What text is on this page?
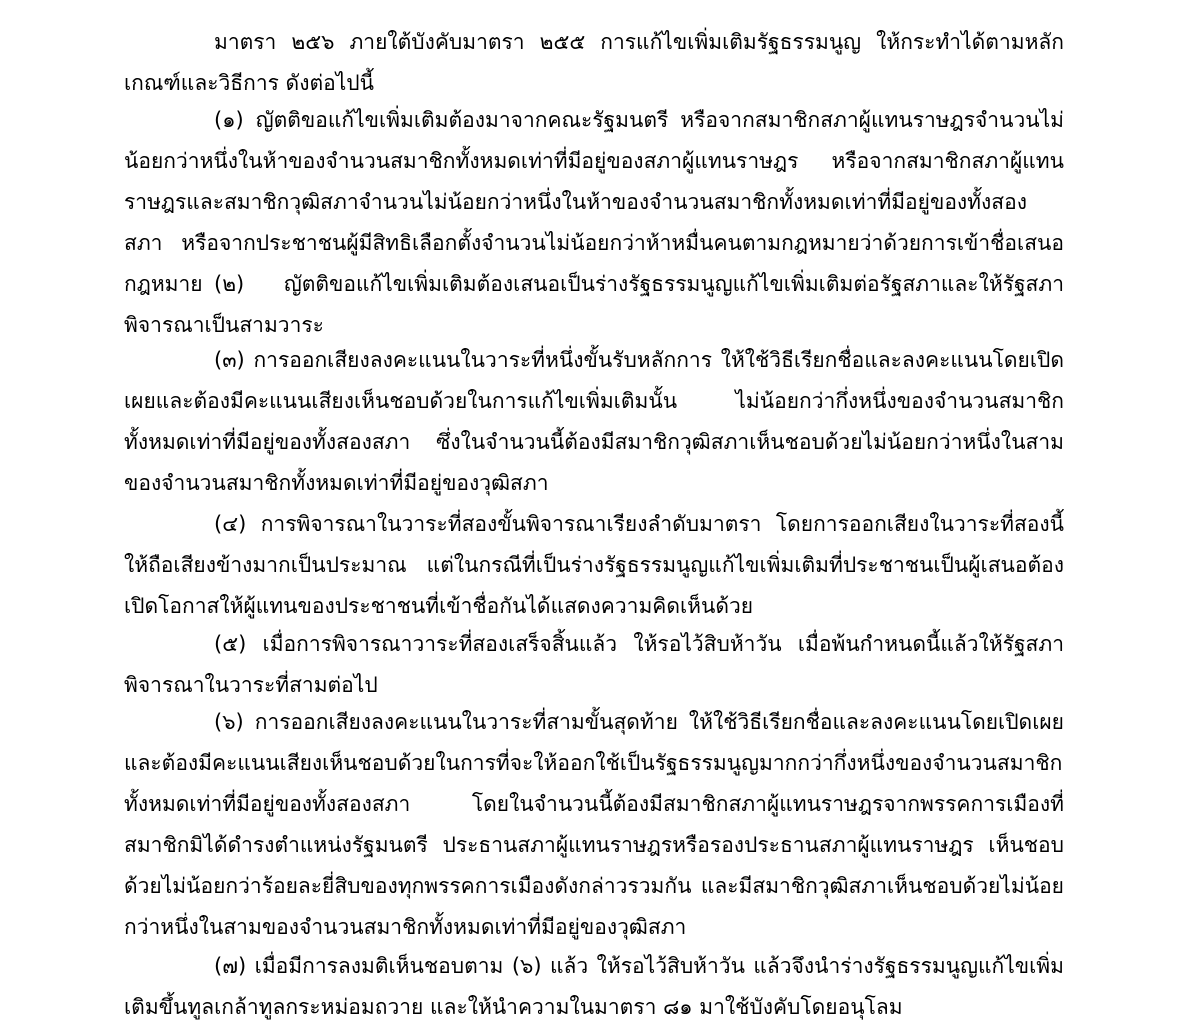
มาตรา ๒๕๖ ภายใต้บังคับมาตรา ๒๕๕ การแก้ไขเพิ่มเติมรัฐธรรมนูญ ให้กระทำได้ตามหลักเกณฑ์และวิธีการ ดังต่อไปนี้

(๑) ญัตติขอแก้ไขเพิ่มเติมต้องมาจากคณะรัฐมนตรี หรือจากสมาชิกสภาผู้แทนราษฎรจำนวนไม่น้อยกว่าหนึ่งในห้าของจำนวนสมาชิกทั้งหมดเท่าที่มีอยู่ของสภาผู้แทนราษฎร หรือจากสมาชิกสภาผู้แทนราษฎรและสมาชิกวุฒิสภาจำนวนไม่น้อยกว่าหนึ่งในห้าของจำนวนสมาชิกทั้งหมดเท่าที่มีอยู่ของทั้งสองสภา หรือจากประชาชนผู้มีสิทธิเลือกตั้งจำนวนไม่น้อยกว่าห้าหมื่นคนตามกฎหมายว่าด้วยการเข้าชื่อเสนอกฎหมาย (๒) ญัตติขอแก้ไขเพิ่มเติมต้องเสนอเป็นร่างรัฐธรรมนูญแก้ไขเพิ่มเติมต่อรัฐสภาและให้รัฐสภาพิจารณาเป็นสามวาระ

(๓) การออกเสียงลงคะแนนในวาระที่หนึ่งขั้นรับหลักการ ให้ใช้วิธีเรียกชื่อและลงคะแนนโดยเปิดเผยและต้องมีคะแนนเสียงเห็นชอบด้วยในการแก้ไขเพิ่มเติมนั้น ไม่น้อยกว่ากึ่งหนึ่งของจำนวนสมาชิกทั้งหมดเท่าที่มีอยู่ของทั้งสองสภา ซึ่งในจำนวนนี้ต้องมีสมาชิกวุฒิสภาเห็นชอบด้วยไม่น้อยกว่าหนึ่งในสามของจำนวนสมาชิกทั้งหมดเท่าที่มีอยู่ของวุฒิสภา

(๔) การพิจารณาในวาระที่สองขั้นพิจารณาเรียงลำดับมาตรา โดยการออกเสียงในวาระที่สองนี้ให้ถือเสียงข้างมากเป็นประมาณ แต่ในกรณีที่เป็นร่างรัฐธรรมนูญแก้ไขเพิ่มเติมที่ประชาชนเป็นผู้เสนอต้องเปิดโอกาสให้ผู้แทนของประชาชนที่เข้าชื่อกันได้แสดงความคิดเห็นด้วย

(๕) เมื่อการพิจารณาวาระที่สองเสร็จสิ้นแล้ว ให้รอไว้สิบห้าวัน เมื่อพ้นกำหนดนี้แล้วให้รัฐสภาพิจารณาในวาระที่สามต่อไป

(๖) การออกเสียงลงคะแนนในวาระที่สามขั้นสุดท้าย ให้ใช้วิธีเรียกชื่อและลงคะแนนโดยเปิดเผยและต้องมีคะแนนเสียงเห็นชอบด้วยในการที่จะให้ออกใช้เป็นรัฐธรรมนูญมากกว่ากึ่งหนึ่งของจำนวนสมาชิกทั้งหมดเท่าที่มีอยู่ของทั้งสองสภา โดยในจำนวนนี้ต้องมีสมาชิกสภาผู้แทนราษฎรจากพรรคการเมืองที่สมาชิกมิได้ดำรงตำแหน่งรัฐมนตรี ประธานสภาผู้แทนราษฎรหรือรองประธานสภาผู้แทนราษฎร เห็นชอบด้วยไม่น้อยกว่าร้อยละยี่สิบของทุกพรรคการเมืองดังกล่าวรวมกัน และมีสมาชิกวุฒิสภาเห็นชอบด้วยไม่น้อยกว่าหนึ่งในสามของจำนวนสมาชิกทั้งหมดเท่าที่มีอยู่ของวุฒิสภา

(๗) เมื่อมีการลงมติเห็นชอบตาม (๖) แล้ว ให้รอไว้สิบห้าวัน แล้วจึงนำร่างรัฐธรรมนูญแก้ไขเพิ่มเติมขึ้นทูลเกล้าทูลกระหม่อมถวาย และให้นำความในมาตรา ๘๑ มาใช้บังคับโดยอนุโลม
